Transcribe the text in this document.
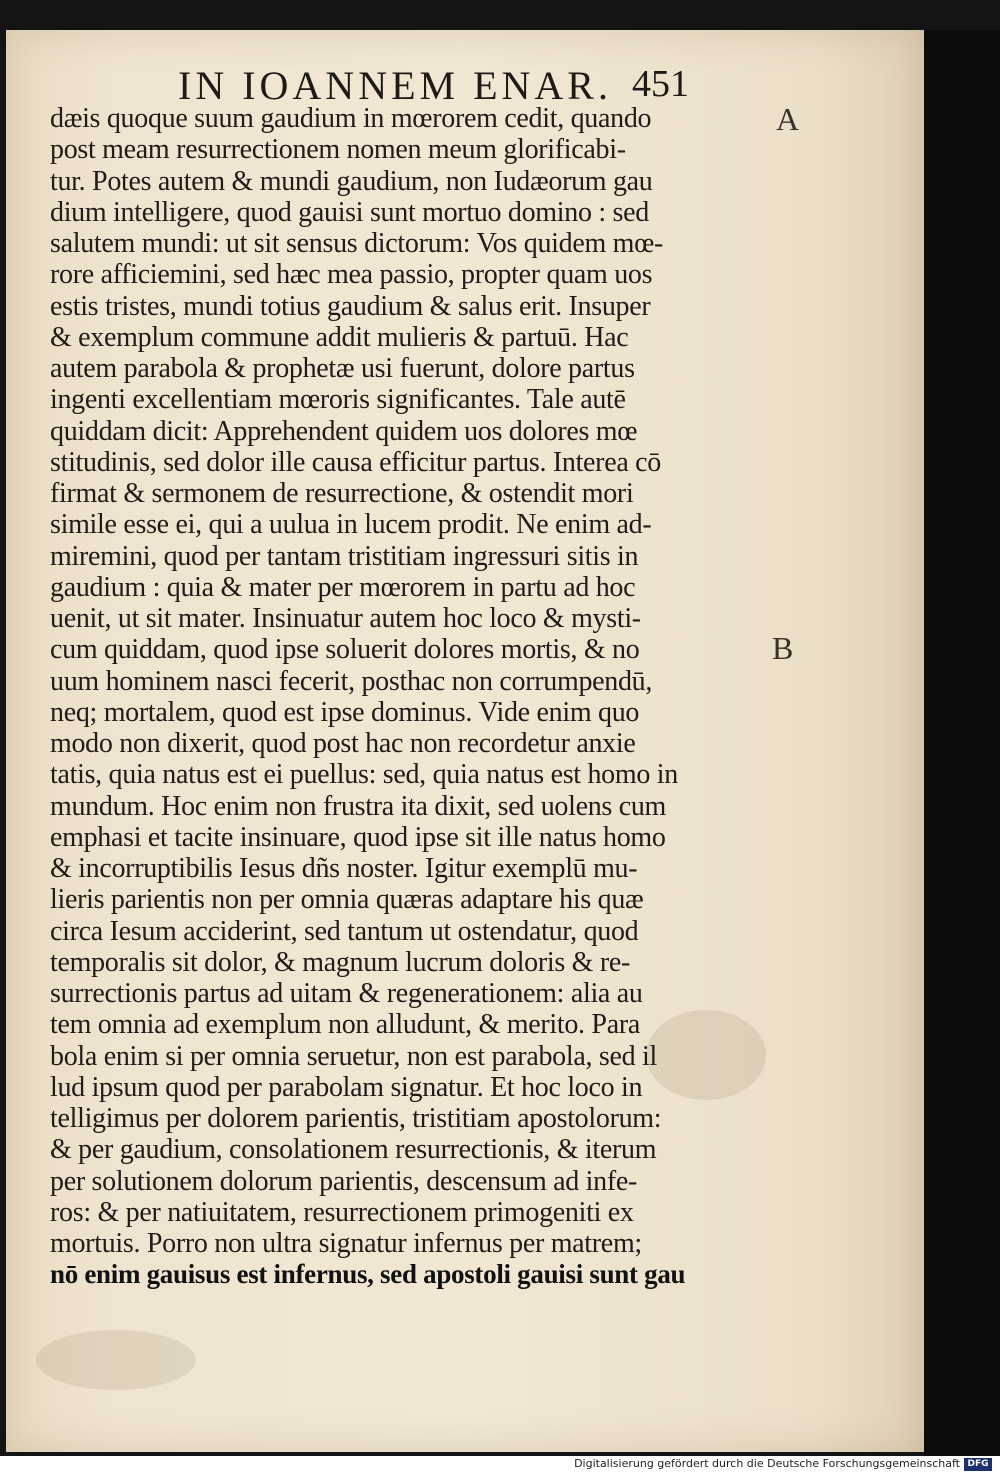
IN IOANNEM ENAR. 451
A
B
dæis quoque suum gaudium in mœrorem cedit, quando
post meam resurrectionem nomen meum glorificabi-
tur. Potes autem & mundi gaudium, non Iudæorum gau
dium intelligere, quod gauisi sunt mortuo domino : sed
salutem mundi: ut sit sensus dictorum: Vos quidem mœ-
rore afficiemini, sed hæc mea passio, propter quam uos
estis tristes, mundi totius gaudium & salus erit. Insuper
& exemplum commune addit mulieris & partuū. Hac
autem parabola & prophetæ usi fuerunt, dolore partus
ingenti excellentiam mœroris significantes. Tale autē
quiddam dicit: Apprehendent quidem uos dolores mœ
stitudinis, sed dolor ille causa efficitur partus. Interea cō
firmat & sermonem de resurrectione, & ostendit mori
simile esse ei, qui a uulua in lucem prodit. Ne enim ad-
miremini, quod per tantam tristitiam ingressuri sitis in
gaudium : quia & mater per mœrorem in partu ad hoc
uenit, ut sit mater. Insinuatur autem hoc loco & mysti-
cum quiddam, quod ipse soluerit dolores mortis, & no
uum hominem nasci fecerit, posthac non corrumpendū,
neq; mortalem, quod est ipse dominus. Vide enim quo
modo non dixerit, quod post hac non recordetur anxie
tatis, quia natus est ei puellus: sed, quia natus est homo in
mundum. Hoc enim non frustra ita dixit, sed uolens cum
emphasi et tacite insinuare, quod ipse sit ille natus homo
& incorruptibilis Iesus dñs noster. Igitur exemplū mu-
lieris parientis non per omnia quæras adaptare his quæ
circa Iesum acciderint, sed tantum ut ostendatur, quod
temporalis sit dolor, & magnum lucrum doloris & re-
surrectionis partus ad uitam & regenerationem: alia au
tem omnia ad exemplum non alludunt, & merito. Para
bola enim si per omnia seruetur, non est parabola, sed il
lud ipsum quod per parabolam signatur. Et hoc loco in
telligimus per dolorem parientis, tristitiam apostolorum:
& per gaudium, consolationem resurrectionis, & iterum
per solutionem dolorum parientis, descensum ad infe-
ros: & per natiuitatem, resurrectionem primogeniti ex
mortuis. Porro non ultra signatur infernus per matrem;
nō enim gauisus est infernus, sed apostoli gauisi sunt gau
Digitalisierung gefördert durch die Deutsche Forschungsgemeinschaft DFG
